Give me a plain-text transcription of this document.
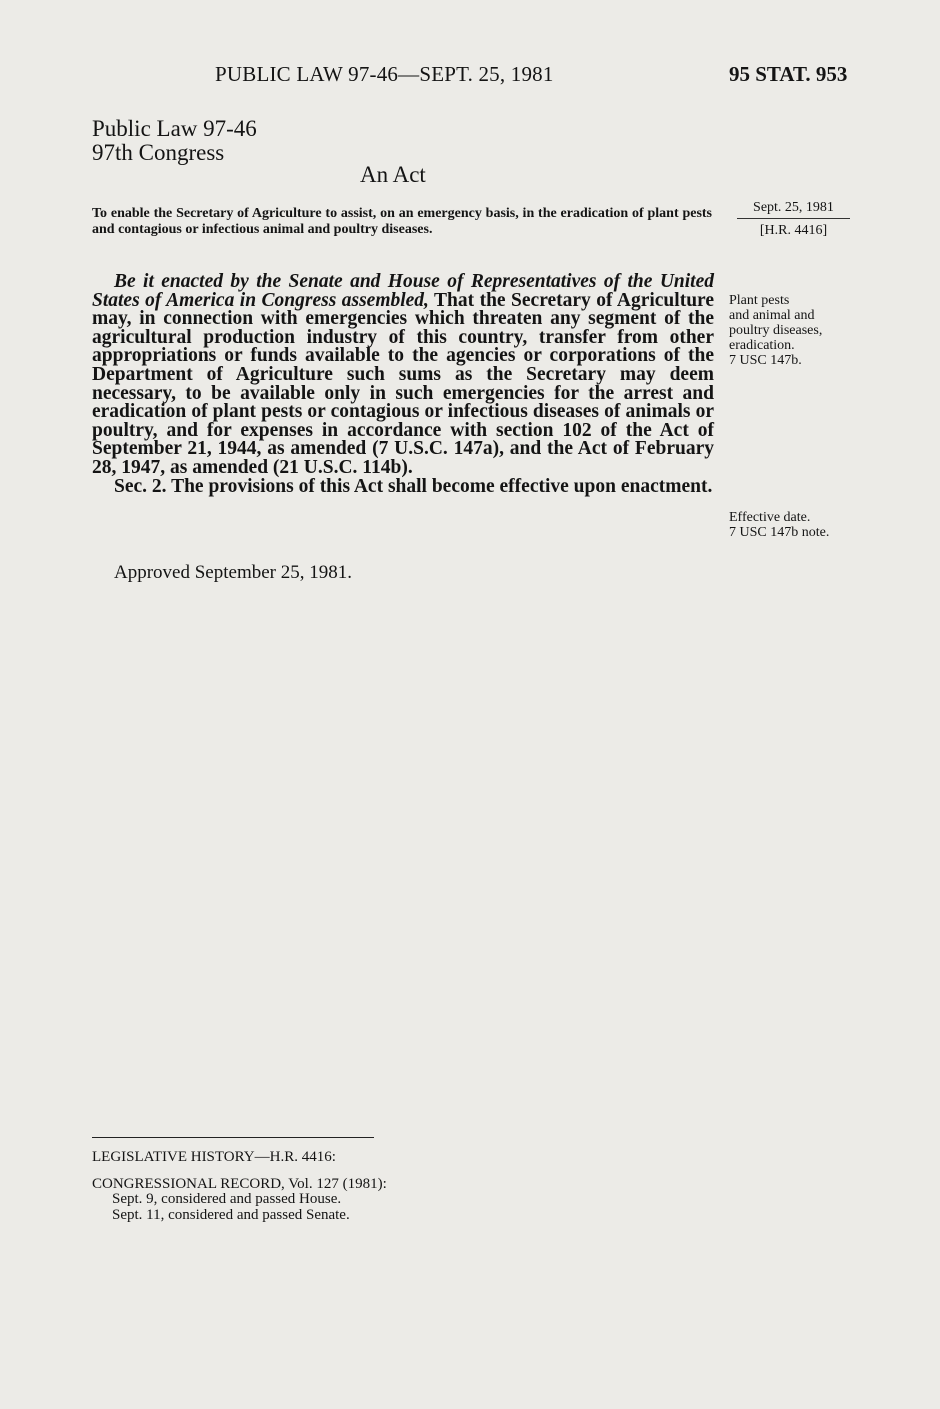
PUBLIC LAW 97-46—SEPT. 25, 1981	95 STAT. 953
Public Law 97-46
97th Congress
An Act
To enable the Secretary of Agriculture to assist, on an emergency basis, in the eradication of plant pests and contagious or infectious animal and poultry diseases.
Sept. 25, 1981
[H.R. 4416]

Be it enacted by the Senate and House of Representatives of the United States of America in Congress assembled, That the Secretary of Agriculture may, in connection with emergencies which threaten any segment of the agricultural production industry of this country, transfer from other appropriations or funds available to the agencies or corporations of the Department of Agriculture such sums as the Secretary may deem necessary, to be available only in such emergencies for the arrest and eradication of plant pests or contagious or infectious diseases of animals or poultry, and for expenses in accordance with section 102 of the Act of September 21, 1944, as amended (7 U.S.C. 147a), and the Act of February 28, 1947, as amended (21 U.S.C. 114b).

Sec. 2. The provisions of this Act shall become effective upon enactment.

Plant pests
and animal and
poultry diseases,
eradication.
7 USC 147b.
Effective date.
7 USC 147b note.
Approved September 25, 1981.
LEGISLATIVE HISTORY—H.R. 4416:
CONGRESSIONAL RECORD, Vol. 127 (1981):
Sept. 9, considered and passed House.
Sept. 11, considered and passed Senate.
